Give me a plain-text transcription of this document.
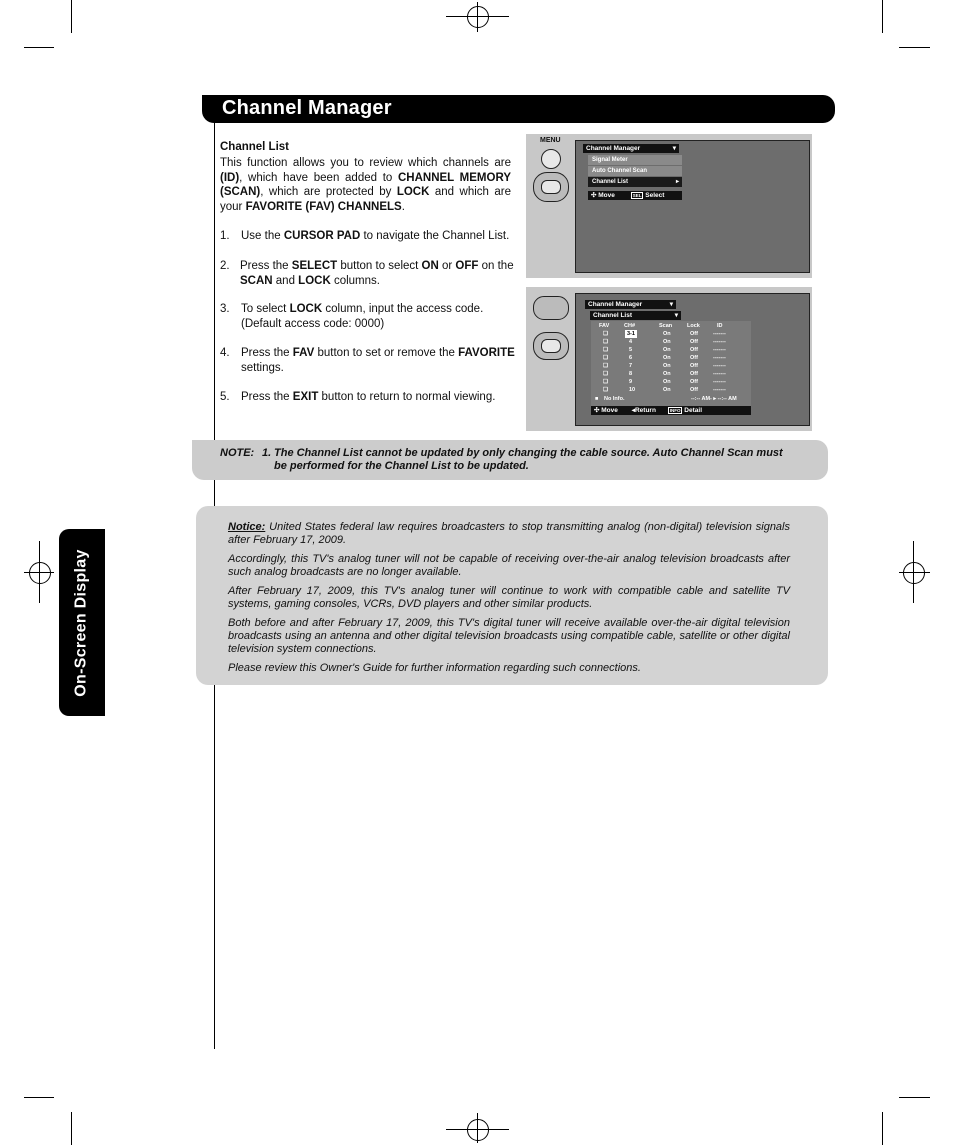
Channel Manager
On-Screen Display
Channel List
This function allows you to review which channels are (ID), which have been added to CHANNEL MEMORY (SCAN), which are protected by LOCK and which are your FAVORITE (FAV) CHANNELS.
1. Use the CURSOR PAD to navigate the Channel List.
2. Press the SELECT button to select ON or OFF on the
SCAN and LOCK columns.
3. To select LOCK column, input the access code.
(Default access code: 0000)
4. Press the FAV button to set or remove the FAVORITE
settings.
5. Press the EXIT button to return to normal viewing.
MENU
Channel Manager	▾
Signal Meter
Auto Channel Scan
Channel List	▸
✣ Move	SEL Select
Channel Manager	▾
Channel List	▾
FAV	CH#	Scan	Lock	ID
❑	3-1	On	Off	-------
❑	4	On	Off	-------
❑	5	On	Off	-------
❑	6	On	Off	-------
❑	7	On	Off	-------
❑	8	On	Off	-------
❑	9	On	Off	-------
❑	10	On	Off	-------
■ No Info.	--:-- AM- ▸ --:-- AM
✣ Move ◂Return	INFO Detail
NOTE: 1. The Channel List cannot be updated by only changing the cable source. Auto Channel Scan must
be performed for the Channel List to be updated.
Notice: United States federal law requires broadcasters to stop transmitting analog (non-digital) television signals after February 17, 2009.
Accordingly, this TV's analog tuner will not be capable of receiving over-the-air analog television broadcasts after such analog broadcasts are no longer available.
After February 17, 2009, this TV's analog tuner will continue to work with compatible cable and satellite TV systems, gaming consoles, VCRs, DVD players and other similar products.
Both before and after February 17, 2009, this TV's digital tuner will receive available over-the-air digital television broadcasts using an antenna and other digital television broadcasts using compatible cable, satellite or other digital television system connections.
Please review this Owner's Guide for further information regarding such connections.
